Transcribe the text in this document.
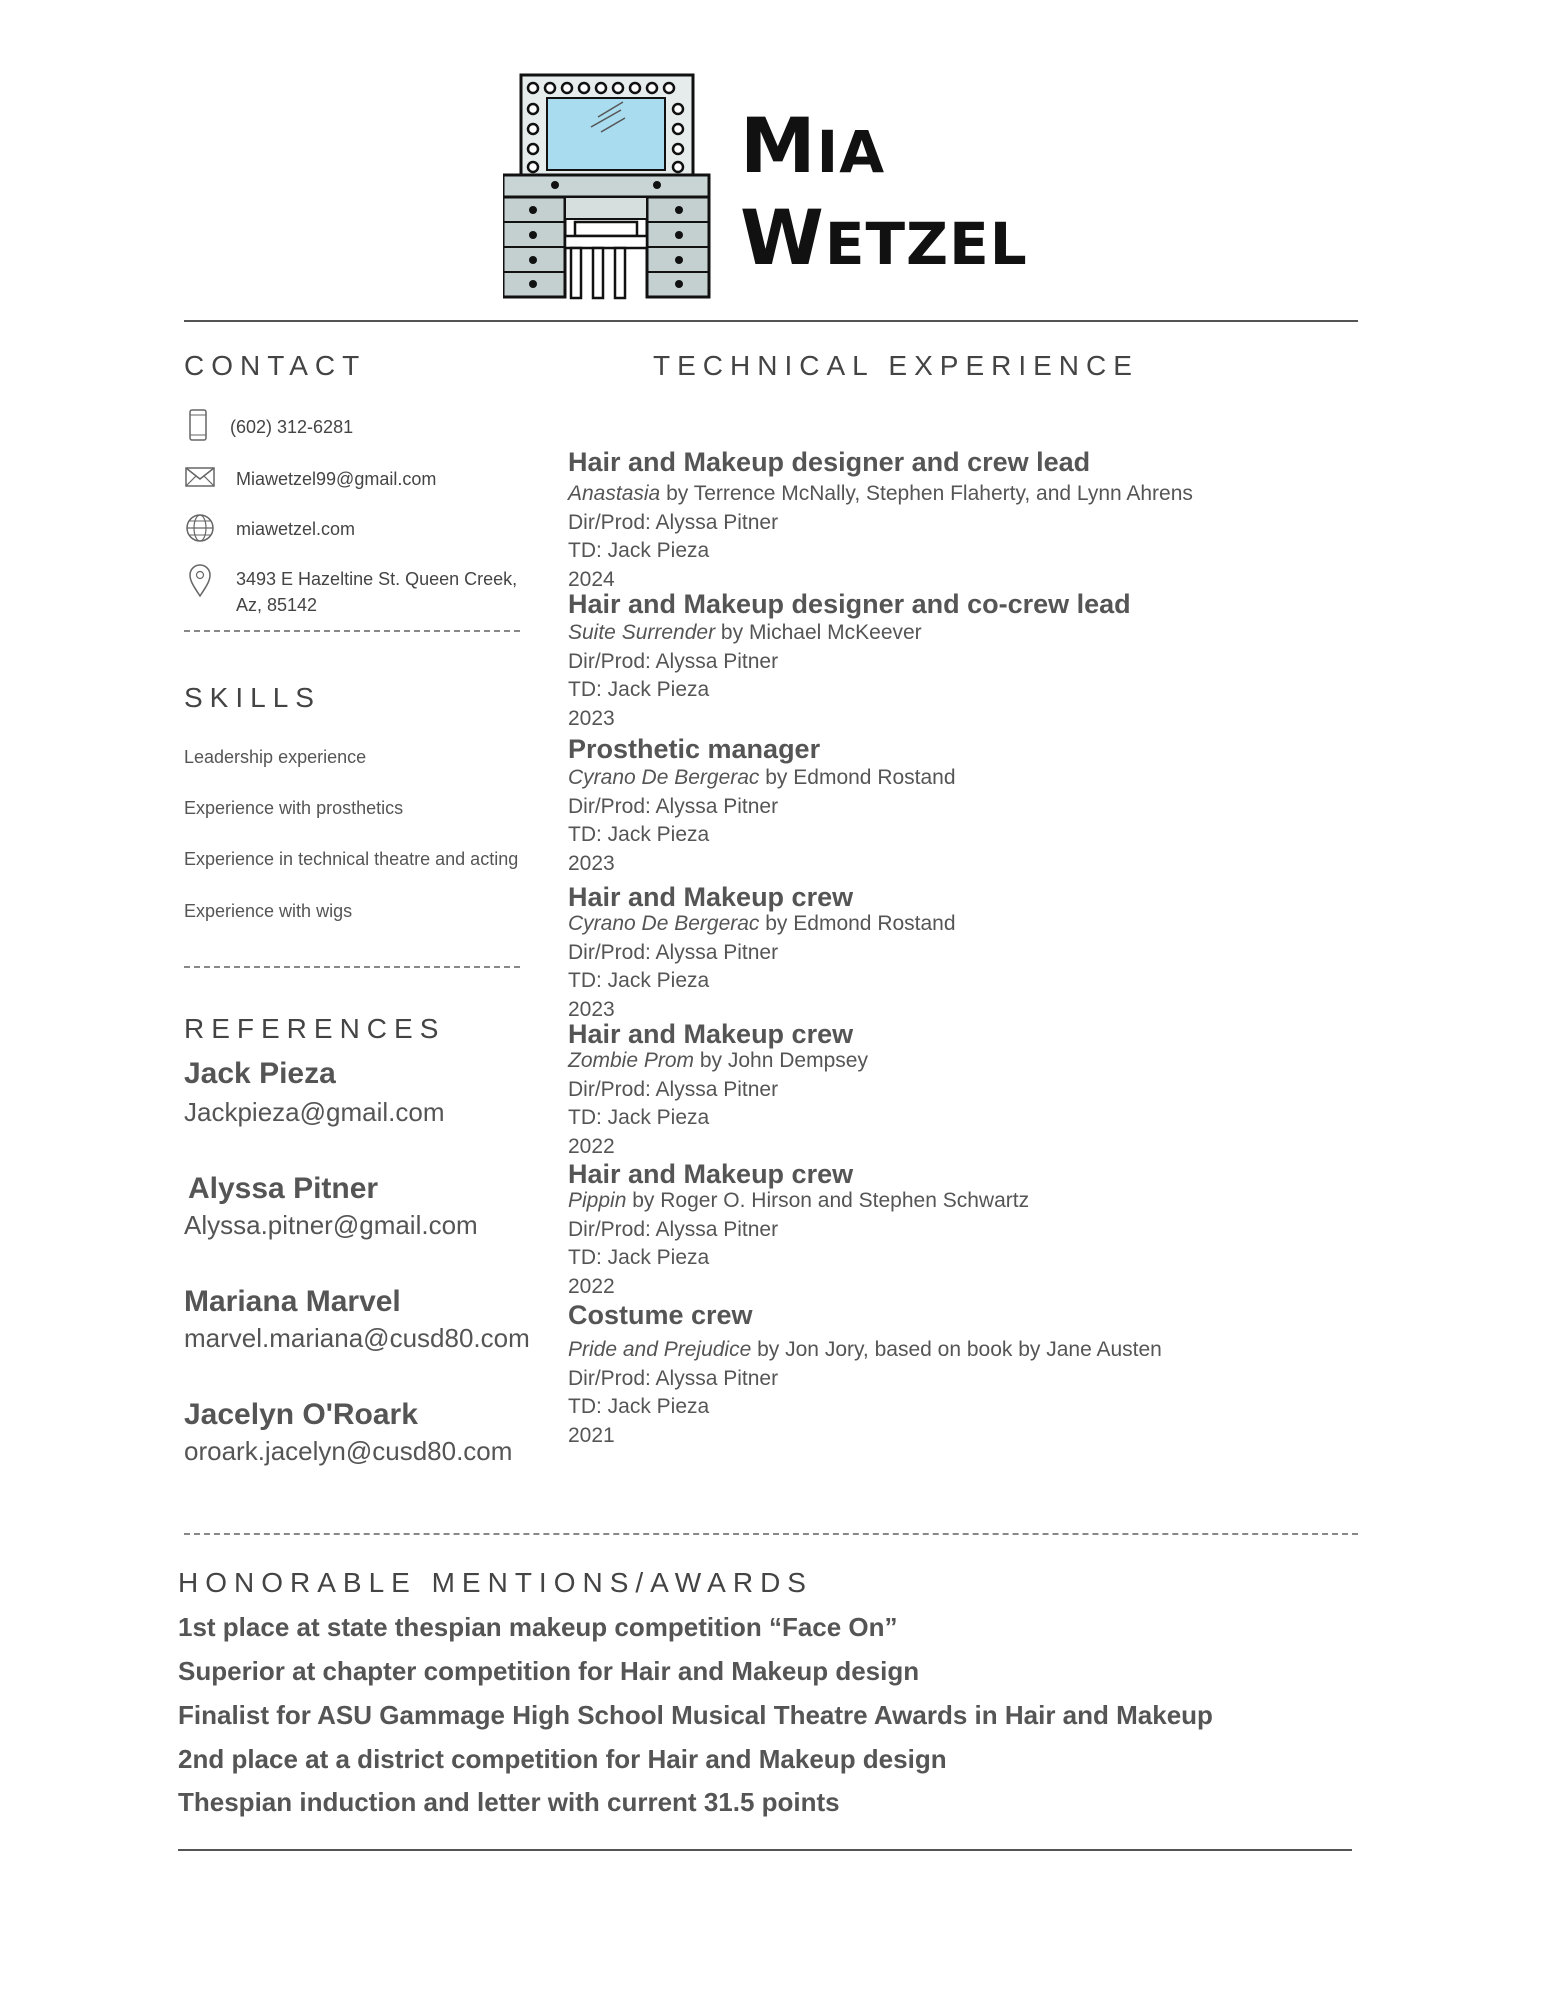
MIA
WETZEL
CONTACT
(602) 312-6281
Miawetzel99@gmail.com
miawetzel.com
3493 E Hazeltine St. Queen Creek,
Az, 85142
SKILLS
Leadership experience
Experience with prosthetics
Experience in technical theatre and acting
Experience with wigs
REFERENCES
Jack Pieza
Jackpieza@gmail.com
Alyssa Pitner
Alyssa.pitner@gmail.com
Mariana Marvel
marvel.mariana@cusd80.com
Jacelyn O'Roark
oroark.jacelyn@cusd80.com
TECHNICAL EXPERIENCE
Hair and Makeup designer and crew lead
Anastasia by Terrence McNally, Stephen Flaherty, and Lynn Ahrens
Dir/Prod: Alyssa Pitner
TD: Jack Pieza
2024
Hair and Makeup designer and co-crew lead
Suite Surrender by Michael McKeever
Dir/Prod: Alyssa Pitner
TD: Jack Pieza
2023
Prosthetic manager
Cyrano De Bergerac by Edmond Rostand
Dir/Prod: Alyssa Pitner
TD: Jack Pieza
2023
Hair and Makeup crew
Cyrano De Bergerac by Edmond Rostand
Dir/Prod: Alyssa Pitner
TD: Jack Pieza
2023
Hair and Makeup crew
Zombie Prom by John Dempsey
Dir/Prod: Alyssa Pitner
TD: Jack Pieza
2022
Hair and Makeup crew
Pippin by Roger O. Hirson and Stephen Schwartz
Dir/Prod: Alyssa Pitner
TD: Jack Pieza
2022
Costume crew
Pride and Prejudice by Jon Jory, based on book by Jane Austen
Dir/Prod: Alyssa Pitner
TD: Jack Pieza
2021
HONORABLE MENTIONS/AWARDS
1st place at state thespian makeup competition “Face On”
Superior at chapter competition for Hair and Makeup design
Finalist for ASU Gammage High School Musical Theatre Awards in Hair and Makeup
2nd place at a district competition for Hair and Makeup design
Thespian induction and letter with current 31.5 points
